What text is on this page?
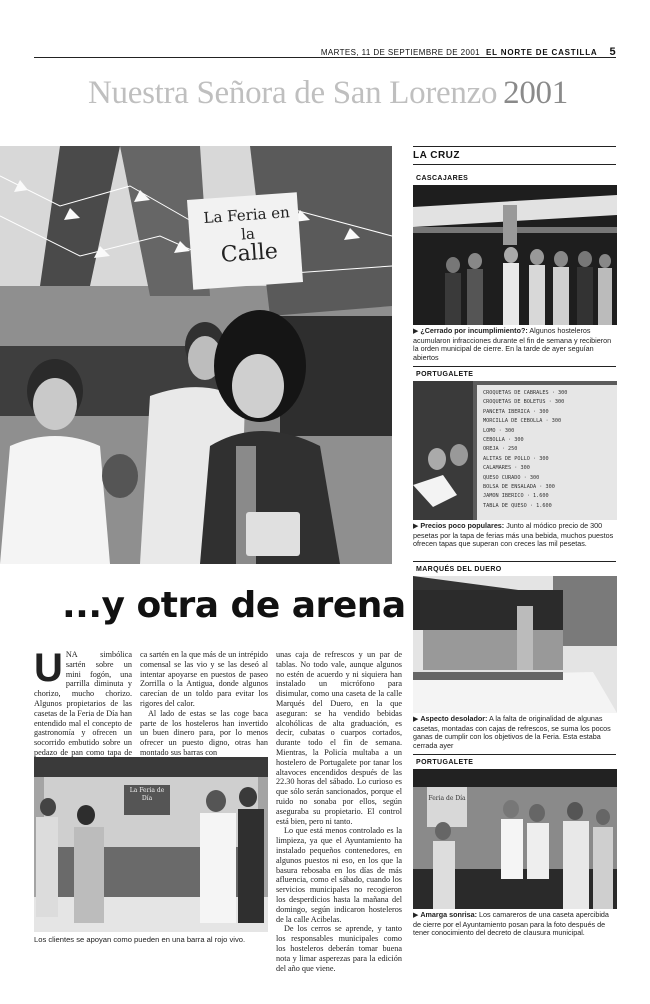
MARTES, 11 DE SEPTIEMBRE DE 2001 EL NORTE DE CASTILLA 5
Nuestra Señora de San Lorenzo 2001
La Feria en la
Calle
...y otra de arena

UNA simbólica sartén sobre un mini fogón, una parrilla diminuta y chorizo, mucho chorizo. Algunos propietarios de las casetas de la Feria de Día han entendido mal el concepto de gastronomía y ofrecen un socorrido embutido sobre un pedazo de pan como tapa de

ca sartén en la que más de un intrépido comensal se las vio y se las deseó al intentar apoyarse en puestos de paseo Zorrilla o la Antigua, donde algunos carecían de un toldo para evitar los rigores del calor.

Al lado de estas se las coge baca parte de los hosteleros han invertido un buen dinero para, por lo menos ofrecer un puesto digno, otras han montado sus barras con

unas caja de refrescos y un par de tablas. No todo vale, aunque algunos no estén de acuerdo y ni siquiera han instalado un micrófono para disimular, como una caseta de la calle Marqués del Duero, en la que aseguran: se ha vendido bebidas alcohólicas de alta graduación, es decir, cubatas o cuarpos cortados, durante todo el fin de semana. Mientras, la Policía multaba a un hostelero de Portugalete por tanar los altavoces encendidos después de las 22.30 horas del sábado. Lo curioso es que sólo serán sancionados, porque el ruido no sonaba por ellos, según aseguraba su propietario. El control está bien, pero ni tanto.

Lo que está menos controlado es la limpieza, ya que el Ayuntamiento ha instalado pequeños contenedores, en algunos puestos ni eso, en los que la basura rebosaba en los días de más afluencia, como el sábado, cuando los servicios municipales no recogieron los desperdicios hasta la mañana del domingo, según indicaron hosteleros de la calle Acibelas.

De los cerros se aprende, y tanto los responsables municipales como los hosteleros deberán tomar buena nota y limar asperezas para la edición del año que viene.

La Feria de Día
Los clientes se apoyan como pueden en una barra al rojo vivo.
LA CRUZ
CASCAJARES
▶ ¿Cerrado por incumplimiento?: Algunos hosteleros acumularon infracciones durante el fin de semana y recibieron la orden municipal de cierre. En la tarde de ayer seguían abiertos
PORTUGALETE
CROQUETAS DE CABRALES · 300
CROQUETAS DE BOLETUS · 300
PANCETA IBERICA · 300
MORCILLA DE CEBOLLA · 300
LOMO · 300
CEBOLLA · 300
OREJA · 250
ALITAS DE POLLO · 300
CALAMARES · 300
QUESO CURADO · 300
BOLSA DE ENSALADA · 300
JAMON IBERICO · 1.600
TABLA DE QUESO · 1.600
▶ Precios poco populares: Junto al módico precio de 300 pesetas por la tapa de ferias más una bebida, muchos puestos ofrecen tapas que superan con creces las mil pesetas.
MARQUÉS DEL DUERO
▶ Aspecto desolador: A la falta de originalidad de algunas casetas, montadas con cajas de refrescos, se suma los pocos ganas de cumplir con los objetivos de la Feria. Esta estaba cerrada ayer
PORTUGALETE
Feria de Día
▶ Amarga sonrisa: Los camareros de una caseta apercibida de cierre por el Ayuntamiento posan para la foto después de tener conocimiento del decreto de clausura municipal.
